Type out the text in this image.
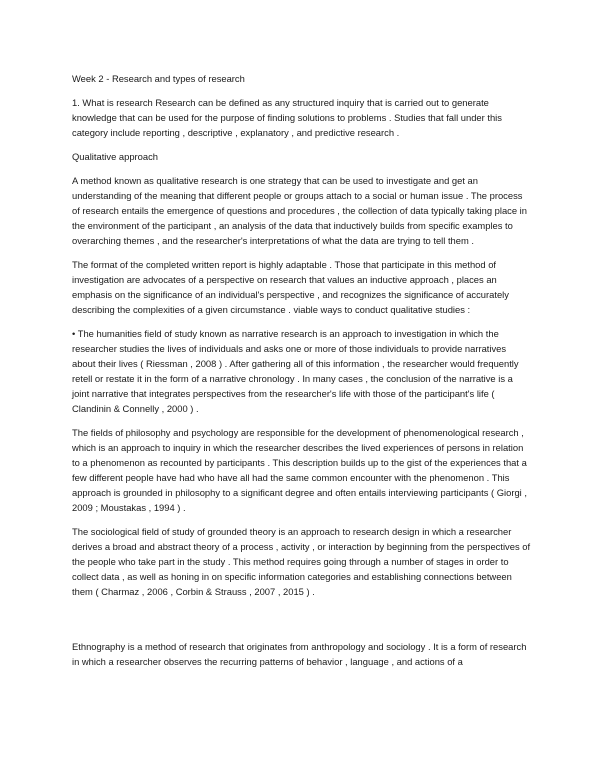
Week 2 - Research and types of research

1. What is research Research can be defined as any structured inquiry that is carried out to generate knowledge that can be used for the purpose of finding solutions to problems . Studies that fall under this category include reporting , descriptive , explanatory , and predictive research .

Qualitative approach

A method known as qualitative research is one strategy that can be used to investigate and get an understanding of the meaning that different people or groups attach to a social or human issue . The process of research entails the emergence of questions and procedures , the collection of data typically taking place in the environment of the participant , an analysis of the data that inductively builds from specific examples to overarching themes , and the researcher's interpretations of what the data are trying to tell them .

The format of the completed written report is highly adaptable . Those that participate in this method of investigation are advocates of a perspective on research that values an inductive approach , places an emphasis on the significance of an individual's perspective , and recognizes the significance of accurately describing the complexities of a given circumstance . viable ways to conduct qualitative studies :

• The humanities field of study known as narrative research is an approach to investigation in which the researcher studies the lives of individuals and asks one or more of those individuals to provide narratives about their lives ( Riessman , 2008 ) . After gathering all of this information , the researcher would frequently retell or restate it in the form of a narrative chronology . In many cases , the conclusion of the narrative is a joint narrative that integrates perspectives from the researcher's life with those of the participant's life ( Clandinin & Connelly , 2000 ) .

The fields of philosophy and psychology are responsible for the development of phenomenological research , which is an approach to inquiry in which the researcher describes the lived experiences of persons in relation to a phenomenon as recounted by participants . This description builds up to the gist of the experiences that a few different people have had who have all had the same common encounter with the phenomenon . This approach is grounded in philosophy to a significant degree and often entails interviewing participants ( Giorgi , 2009 ; Moustakas , 1994 ) .

The sociological field of study of grounded theory is an approach to research design in which a researcher derives a broad and abstract theory of a process , activity , or interaction by beginning from the perspectives of the people who take part in the study . This method requires going through a number of stages in order to collect data , as well as honing in on specific information categories and establishing connections between them ( Charmaz , 2006 , Corbin & Strauss , 2007 , 2015 ) .

Ethnography is a method of research that originates from anthropology and sociology . It is a form of research in which a researcher observes the recurring patterns of behavior , language , and actions of a
